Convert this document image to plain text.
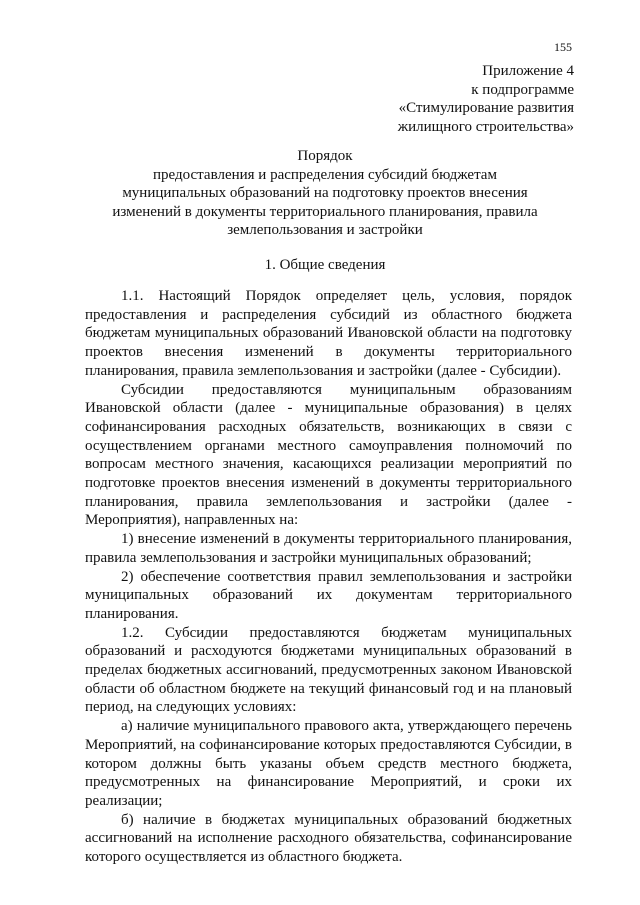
155
Приложение 4
к подпрограмме
«Стимулирование развития
жилищного строительства»
Порядок
предоставления и распределения субсидий бюджетам
муниципальных образований на подготовку проектов внесения
изменений в документы территориального планирования, правила
землепользования и застройки
1. Общие сведения

1.1. Настоящий Порядок определяет цель, условия, порядок предоставления и распределения субсидий из областного бюджета бюджетам муниципальных образований Ивановской области на подготовку проектов внесения изменений в документы территориального планирования, правила землепользования и застройки (далее - Субсидии).

Субсидии предоставляются муниципальным образованиям Ивановской области (далее - муниципальные образования) в целях софинансирования расходных обязательств, возникающих в связи с осуществлением органами местного самоуправления полномочий по вопросам местного значения, касающихся реализации мероприятий по подготовке проектов внесения изменений в документы территориального планирования, правила землепользования и застройки (далее - Мероприятия), направленных на:

1) внесение изменений в документы территориального планирования, правила землепользования и застройки муниципальных образований;

2) обеспечение соответствия правил землепользования и застройки муниципальных образований их документам территориального планирования.

1.2. Субсидии предоставляются бюджетам муниципальных образований и расходуются бюджетами муниципальных образований в пределах бюджетных ассигнований, предусмотренных законом Ивановской области об областном бюджете на текущий финансовый год и на плановый период, на следующих условиях:

а) наличие муниципального правового акта, утверждающего перечень Мероприятий, на софинансирование которых предоставляются Субсидии, в котором должны быть указаны объем средств местного бюджета, предусмотренных на финансирование Мероприятий, и сроки их реализации;

б) наличие в бюджетах муниципальных образований бюджетных ассигнований на исполнение расходного обязательства, софинансирование которого осуществляется из областного бюджета.
